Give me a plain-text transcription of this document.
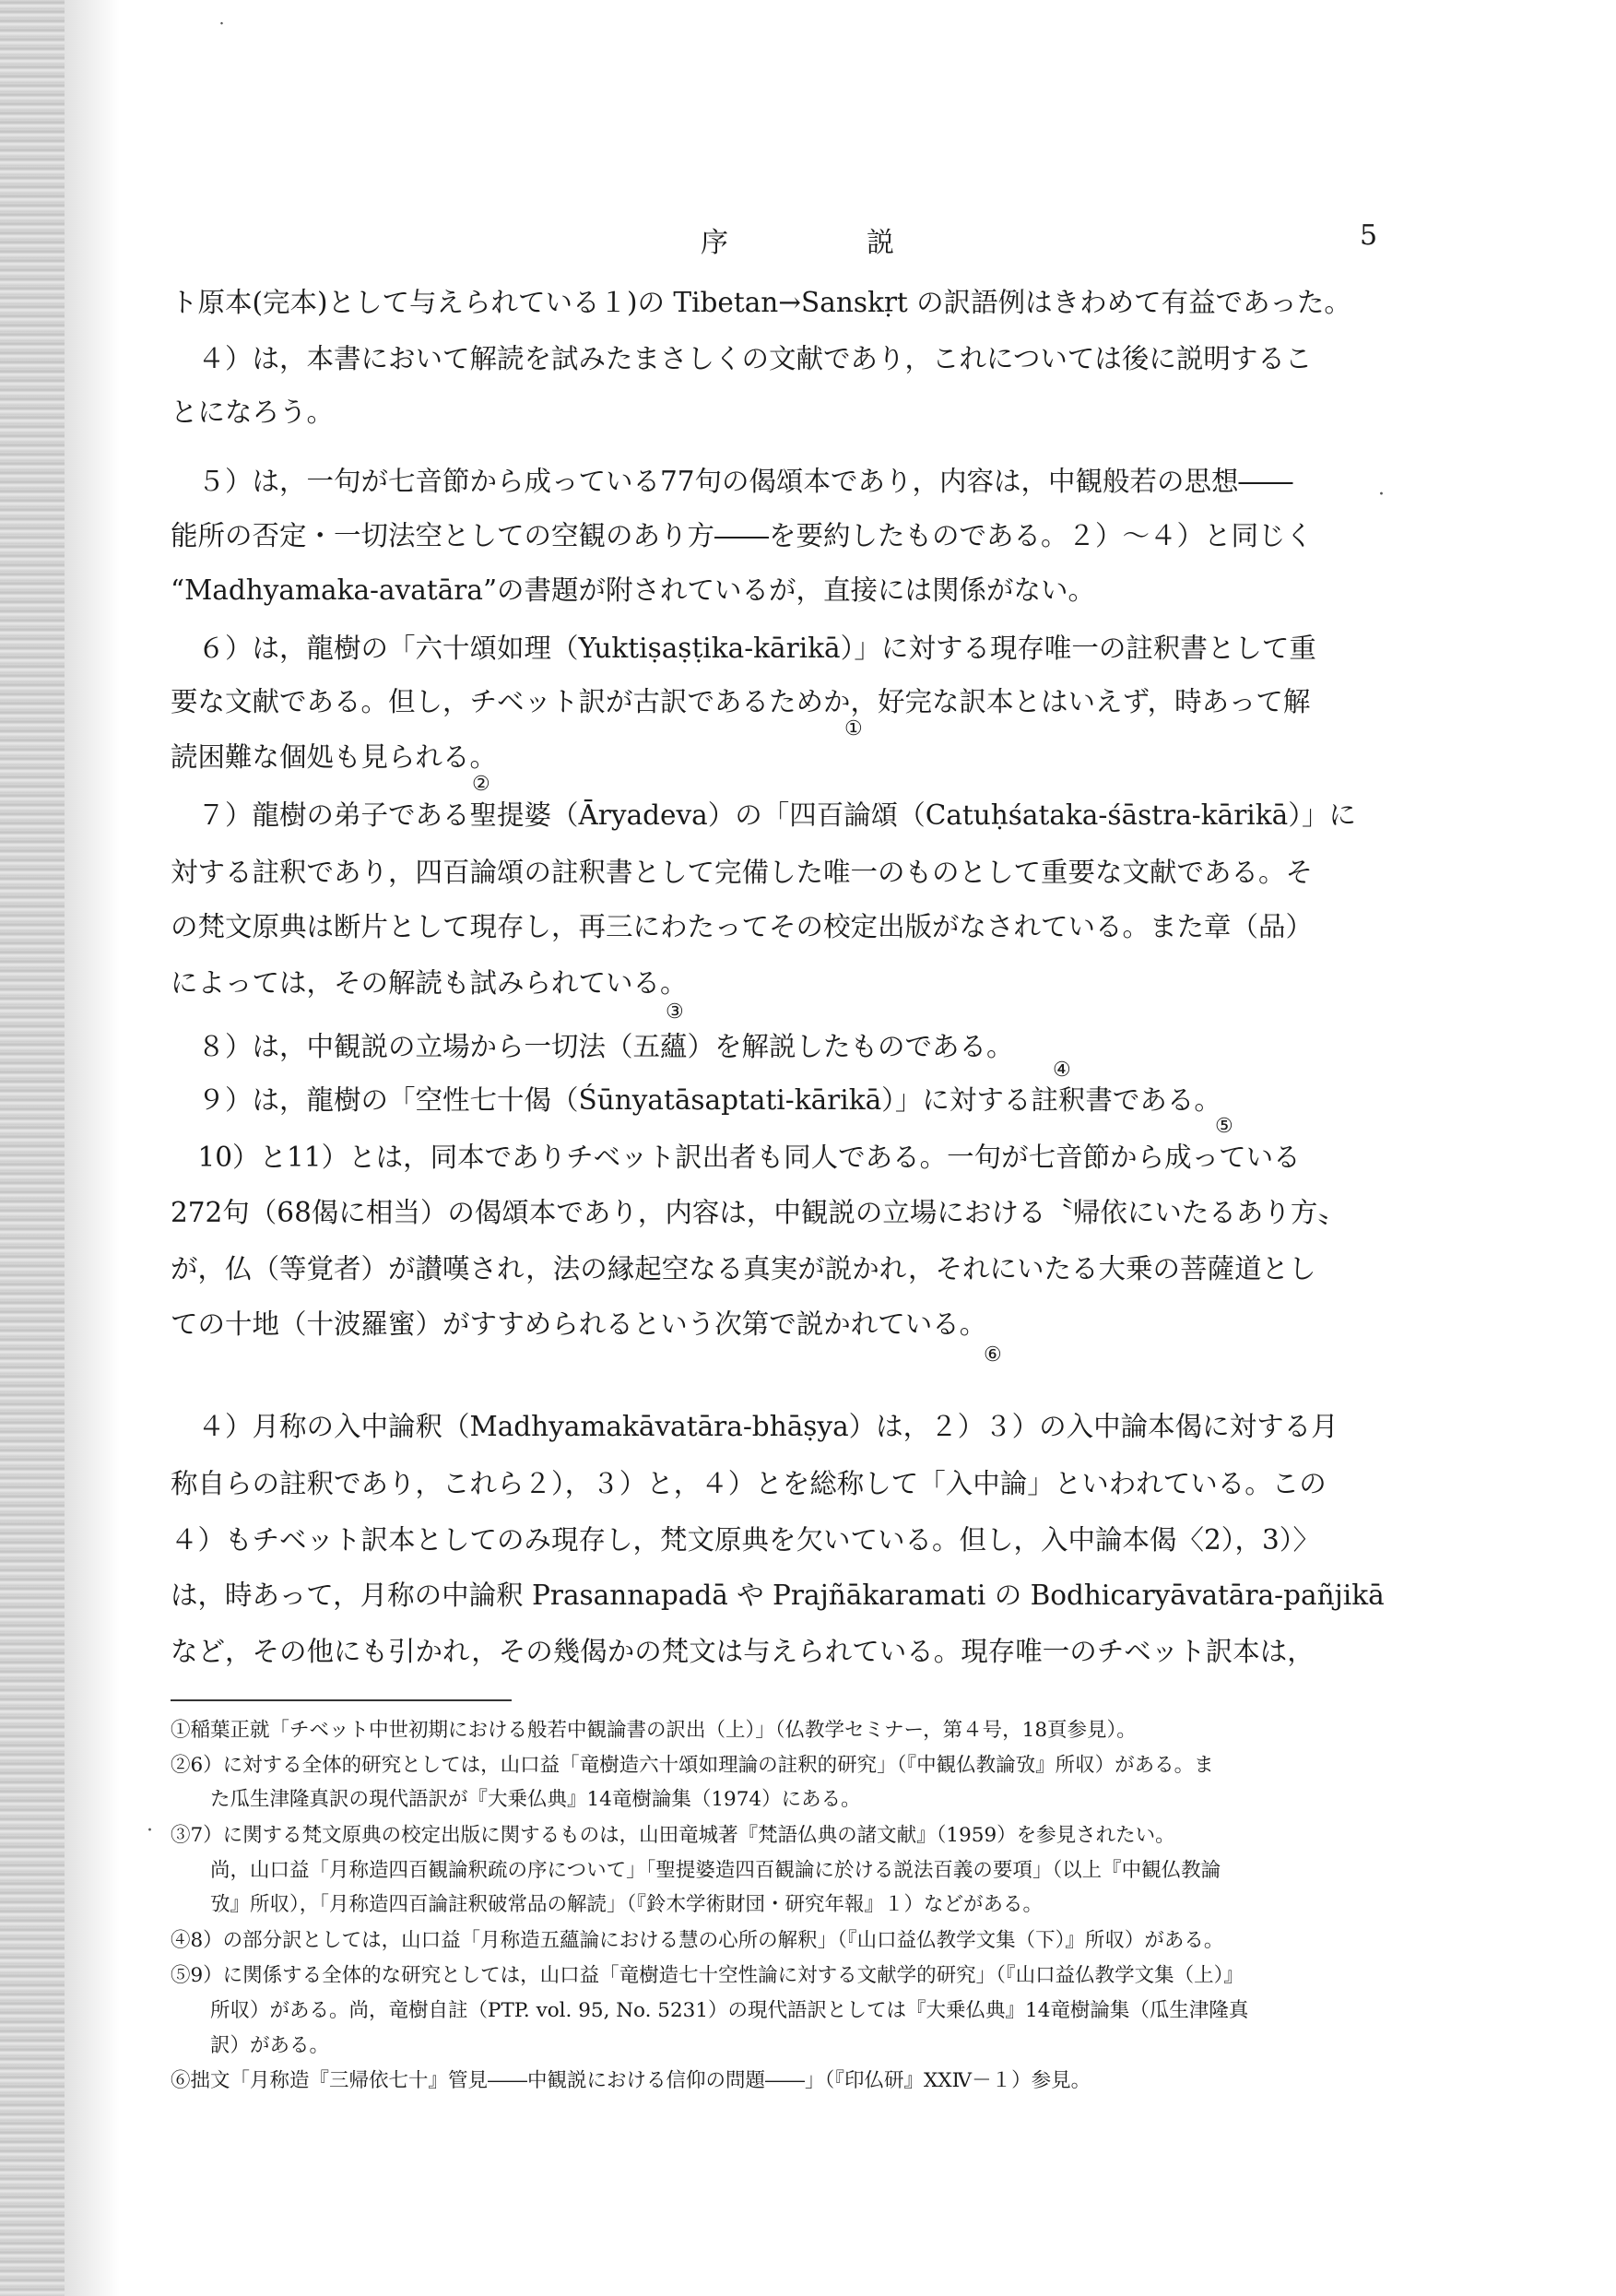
序　説	5
ト原本(完本)として与えられている１)の Tibetan→Sanskṛt の訳語例はきわめて有益であった。
　４）は，本書において解読を試みたまさしくの文献であり，これについては後に説明するこ
とになろう。
　５）は，一句が七音節から成っている77句の偈頌本であり，内容は，中観般若の思想――
能所の否定・一切法空としての空観のあり方――を要約したものである。２）～４）と同じく
“Madhyamaka-avatāra”の書題が附されているが，直接には関係がない。
　６）は，龍樹の「六十頌如理（Yuktiṣaṣṭika-kārikā）」に対する現存唯一の註釈書として重
要な文献である。但し，チベット訳が古訳であるためか，好完な訳本とはいえず，時あって解
読困難な個処も見られる。
　７）龍樹の弟子である聖提婆（Āryadeva）の「四百論頌（Catuḥśataka-śāstra-kārikā）」に
対する註釈であり，四百論頌の註釈書として完備した唯一のものとして重要な文献である。そ
の梵文原典は断片として現存し，再三にわたってその校定出版がなされている。また章（品）
によっては，その解読も試みられている。
　８）は，中観説の立場から一切法（五蘊）を解説したものである。
　９）は，龍樹の「空性七十偈（Śūnyatāsaptati-kārikā）」に対する註釈書である。
　10）と11）とは，同本でありチベット訳出者も同人である。一句が七音節から成っている
272句（68偈に相当）の偈頌本であり，内容は，中観説の立場における〝帰依にいたるあり方〟
が，仏（等覚者）が讃嘆され，法の縁起空なる真実が説かれ，それにいたる大乗の菩薩道とし
ての十地（十波羅蜜）がすすめられるという次第で説かれている。
　４）月称の入中論釈（Madhyamakāvatāra-bhāṣya）は，２）３）の入中論本偈に対する月
称自らの註釈であり，これら２），３）と，４）とを総称して「入中論」といわれている。この
４）もチベット訳本としてのみ現存し，梵文原典を欠いている。但し，入中論本偈〈2），3）〉
は，時あって，月称の中論釈 Prasannapadā や Prajñākaramati の Bodhicaryāvatāra-pañjikā
など，その他にも引かれ，その幾偈かの梵文は与えられている。現存唯一のチベット訳本は，
①
②
③
④
⑤
⑥
①稲葉正就「チベット中世初期における般若中観論書の訳出（上）」（仏教学セミナー，第４号，18頁参見）。
②6）に対する全体的研究としては，山口益「竜樹造六十頌如理論の註釈的研究」（『中観仏教論攷』所収）がある。ま
た瓜生津隆真訳の現代語訳が『大乗仏典』14竜樹論集（1974）にある。
③7）に関する梵文原典の校定出版に関するものは，山田竜城著『梵語仏典の諸文献』（1959）を参見されたい。
尚，山口益「月称造四百観論釈疏の序について」「聖提婆造四百観論に於ける説法百義の要項」（以上『中観仏教論
攷』所収），「月称造四百論註釈破常品の解読」（『鈴木学術財団・研究年報』１）などがある。
④8）の部分訳としては，山口益「月称造五蘊論における慧の心所の解釈」（『山口益仏教学文集（下）』所収）がある。
⑤9）に関係する全体的な研究としては，山口益「竜樹造七十空性論に対する文献学的研究」（『山口益仏教学文集（上）』
所収）がある。尚，竜樹自註（PTP. vol. 95, No. 5231）の現代語訳としては『大乗仏典』14竜樹論集（瓜生津隆真
訳）がある。
⑥拙文「月称造『三帰依七十』管見――中観説における信仰の問題――」（『印仏研』XXⅣ－１）参見。
˙
·
·
